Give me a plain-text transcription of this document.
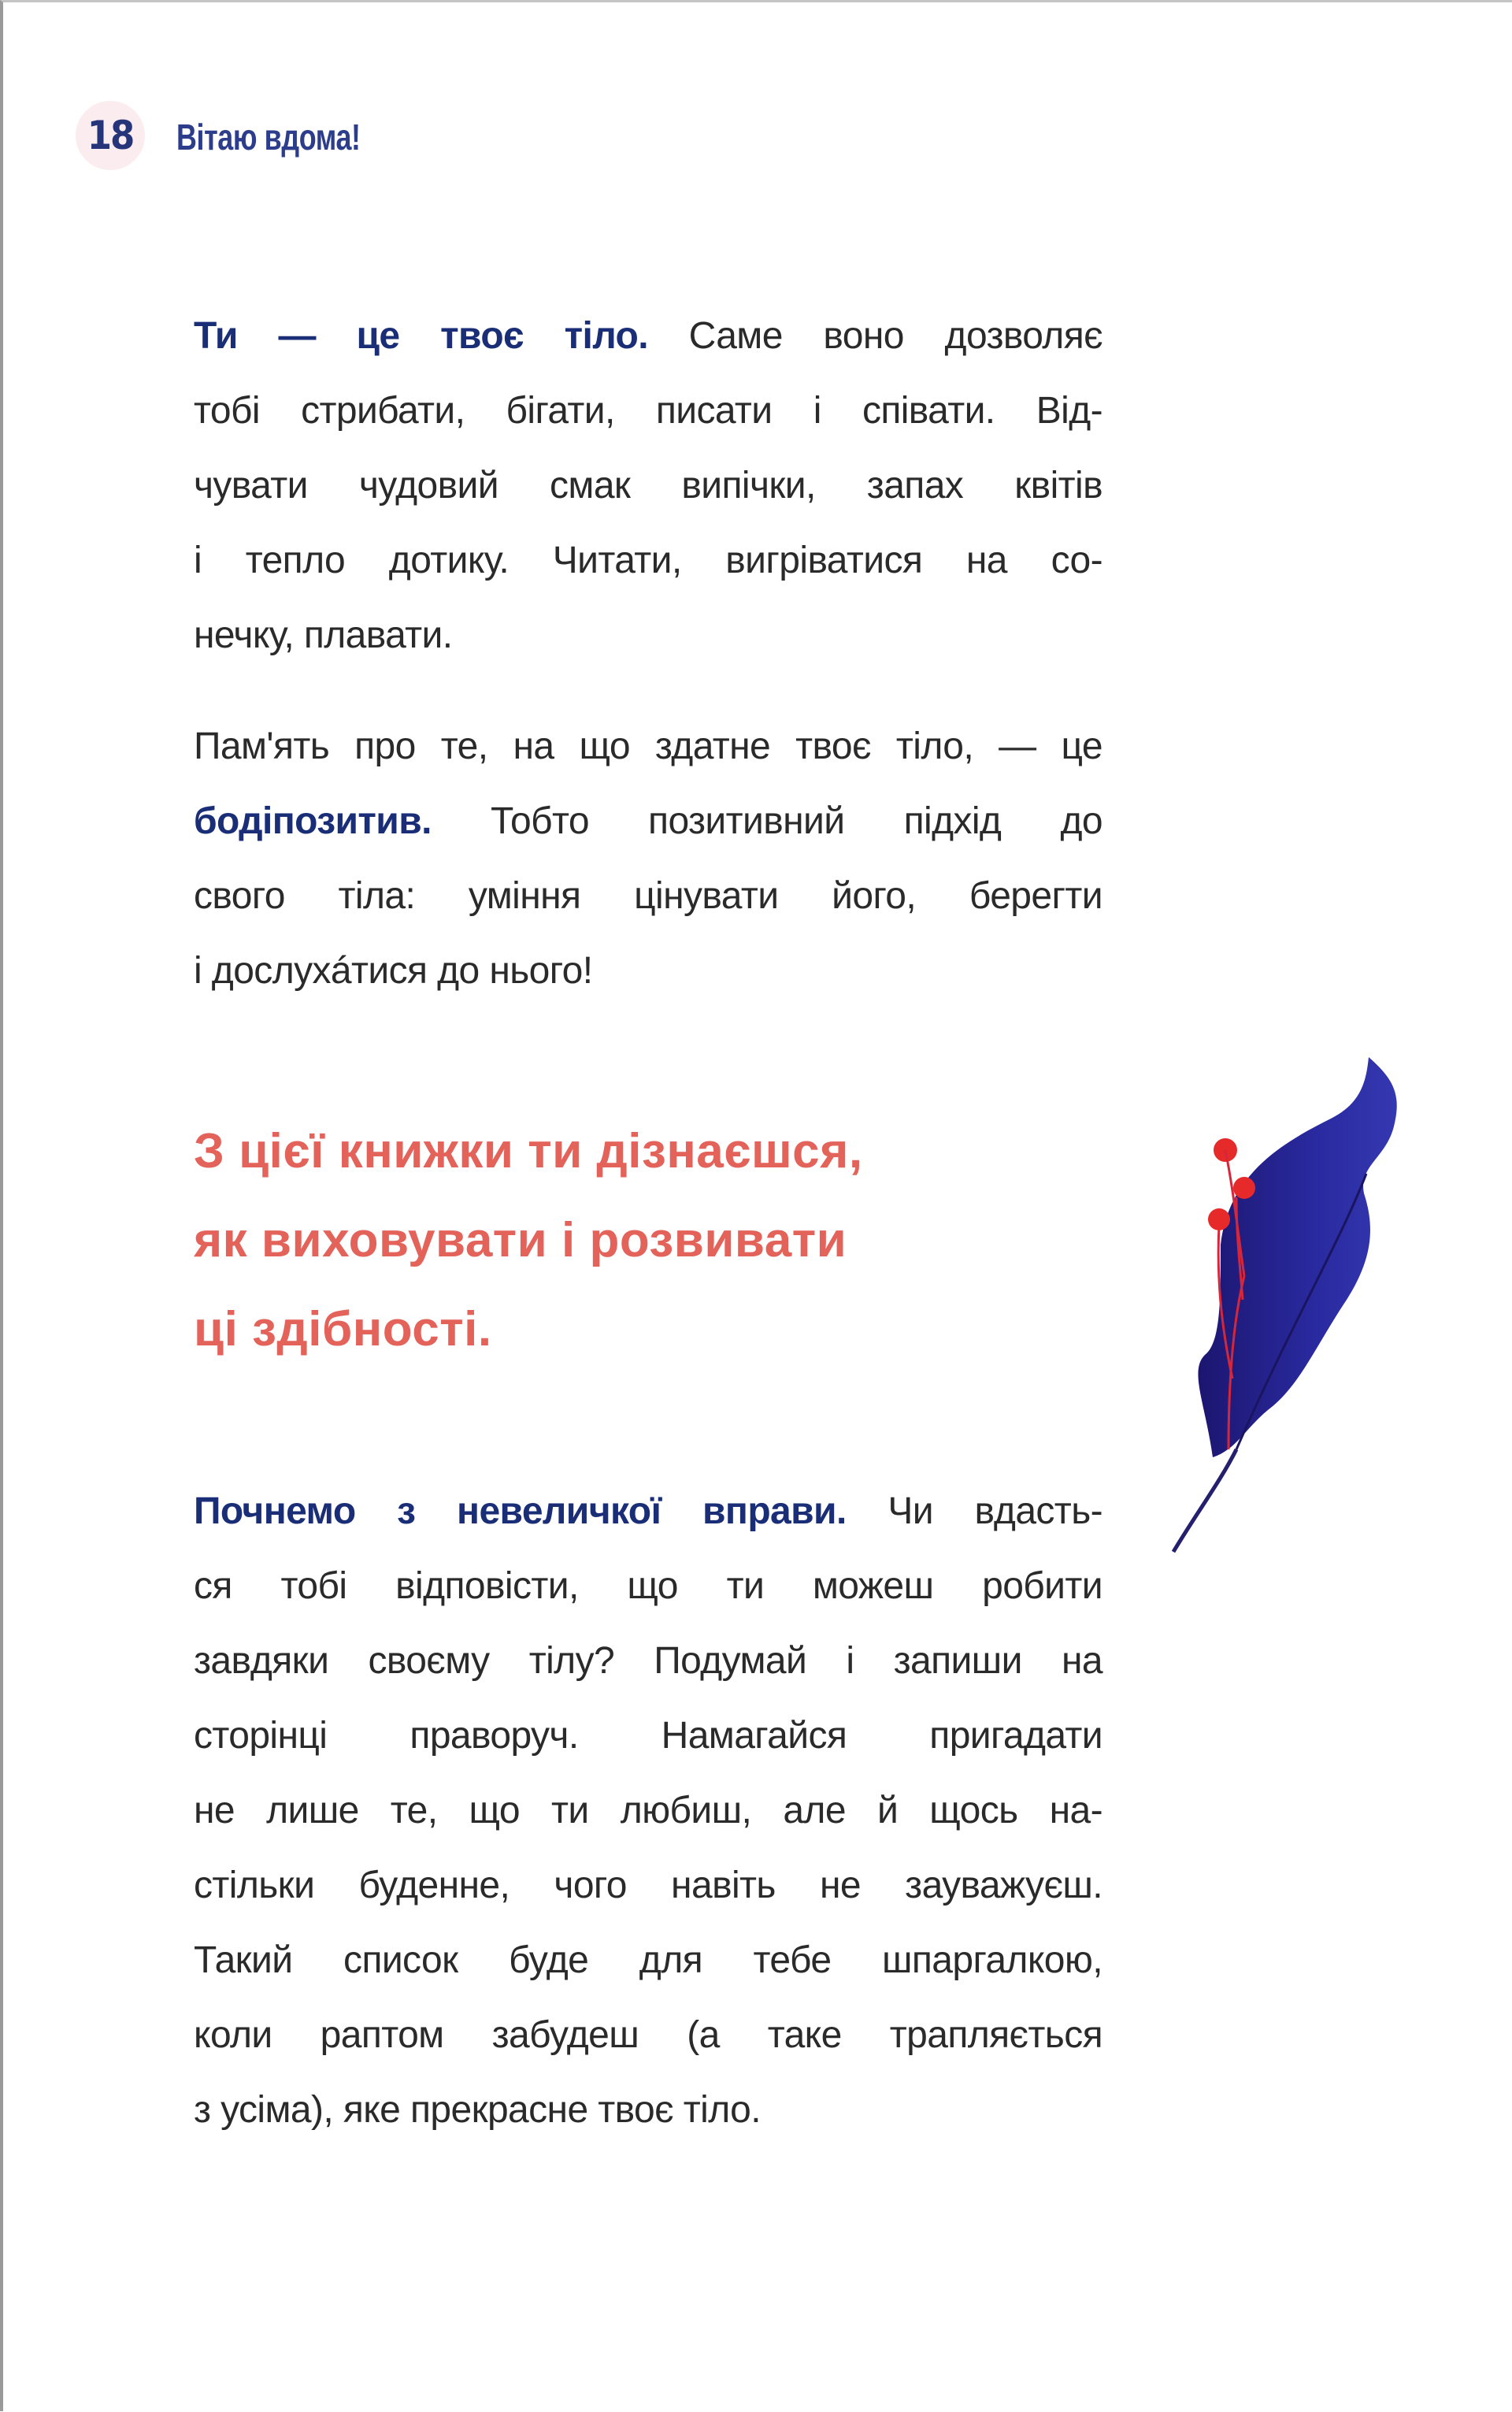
18 Вітаю вдома!
Ти — це твоє тіло. Саме воно дозволяє
тобі стрибати, бігати, писати і співати. Від-
чувати чудовий смак випічки, запах квітів
і тепло дотику. Читати, вигріватися на со-
нечку, плавати.
Пам'ять про те, на що здатне твоє тіло, — це
бодіпозитив. Тобто позитивний підхід до
свого тіла: уміння цінувати його, берегти
і дослухáтися до нього!
З цієї книжки ти дізнаєшся,
як виховувати і розвивати
ці здібності.
Почнемо з невеличкої вправи. Чи вдасть-
ся тобі відповісти, що ти можеш робити
завдяки своєму тілу? Подумай і запиши на
сторінці праворуч. Намагайся пригадати
не лише те, що ти любиш, але й щось на-
стільки буденне, чого навіть не зауважуєш.
Такий список буде для тебе шпаргалкою,
коли раптом забудеш (а таке трапляється
з усіма), яке прекрасне твоє тіло.
